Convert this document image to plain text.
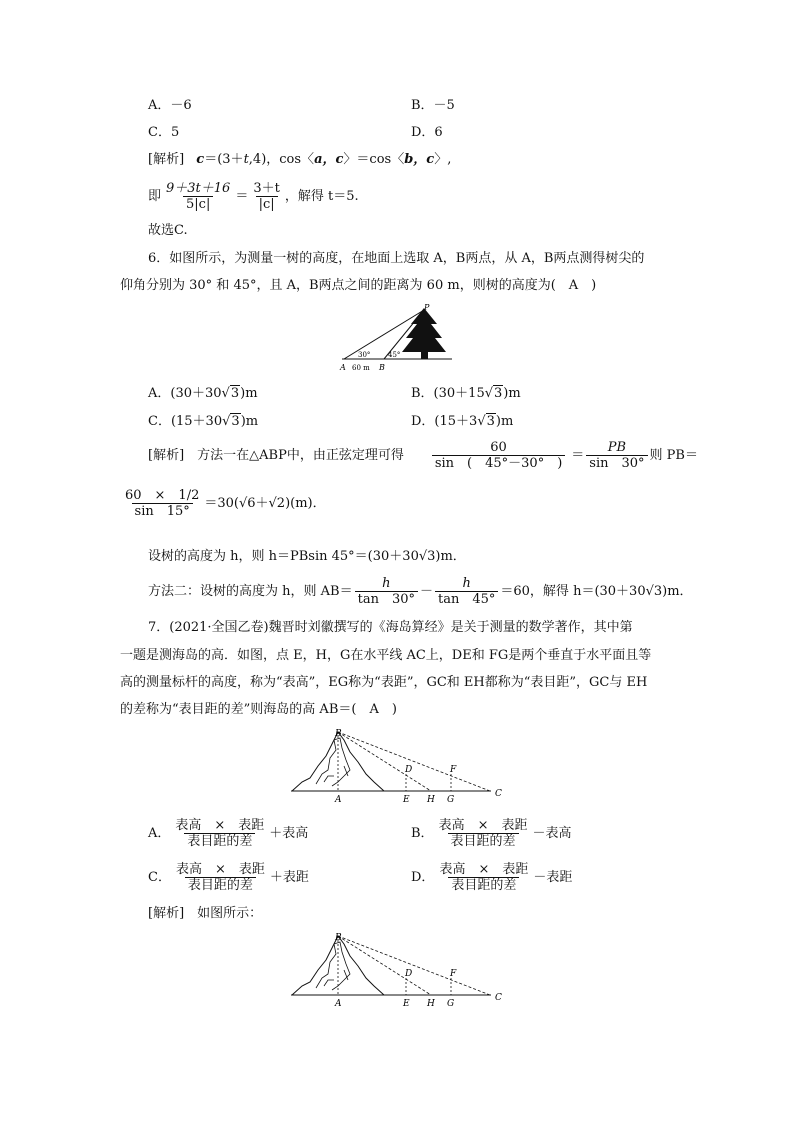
A．－6	B．－5
C．5	D．6
[解析] c＝(3＋t,4)，cos〈a，c〉＝cos〈b，c〉,
即 $\frac{9+3t+16}{5|c|} = \frac{3+t}{|c|}$ ，解得 t＝5.
故选C.
6．如图所示，为测量一树的高度，在地面上选取 A，B两点，从 A，B两点测得树尖的
仰角分别为 30° 和 45°，且 A，B两点之间的距离为 60 m，则树的高度为(　A　)
P
A	B
60 m
30°	45°
A．(30＋30√3)m	B．(30＋15√3)m
C．(15＋30√3)m	D．(15＋3√3)m
[解析]　方法一在△ABP中，由正弦定理可得 $\frac{60}{\sin ( 45^\circ-30^\circ )} = \frac{PB}{\sin 30^\circ}$ 则 PB＝
$\frac{60 \times 1/2}{\sin 15^\circ} =30(√6+√2)(m)$．
设树的高度为 h，则 h＝PBsin 45°＝(30＋30√3)m．
方法二：设树的高度为 h，则 $AB= \frac{h}{\tan 30^\circ} - \frac{h}{\tan 45^\circ} =60$，解得 h＝(30＋30√3)m．
7．(2021·全国乙卷)魏晋时刘徽撰写的《海岛算经》是关于测量的数学著作，其中第
一题是测海岛的高．如图，点 E，H，G在水平线 AC上，DE和 FG是两个垂直于水平面且等
高的测量标杆的高度，称为“表高”，EG称为“表距”，GC和 EH都称为“表目距”，GC与 EH
的差称为“表目距的差”则海岛的高 AB＝(　A　)
B
D	F
A	E H G
C
A． $\frac{\text{表高　×　表距}}{\text{表目距的差}}$ ＋表高	B． $\frac{\text{表高　×　表距}}{\text{表目距的差}}$ －表高
C． $\frac{\text{表高　×　表距}}{\text{表目距的差}}$ ＋表距	D． $\frac{\text{表高　×　表距}}{\text{表目距的差}}$ －表距
[解析]　如图所示：
B
D	F
A	E H G
C
